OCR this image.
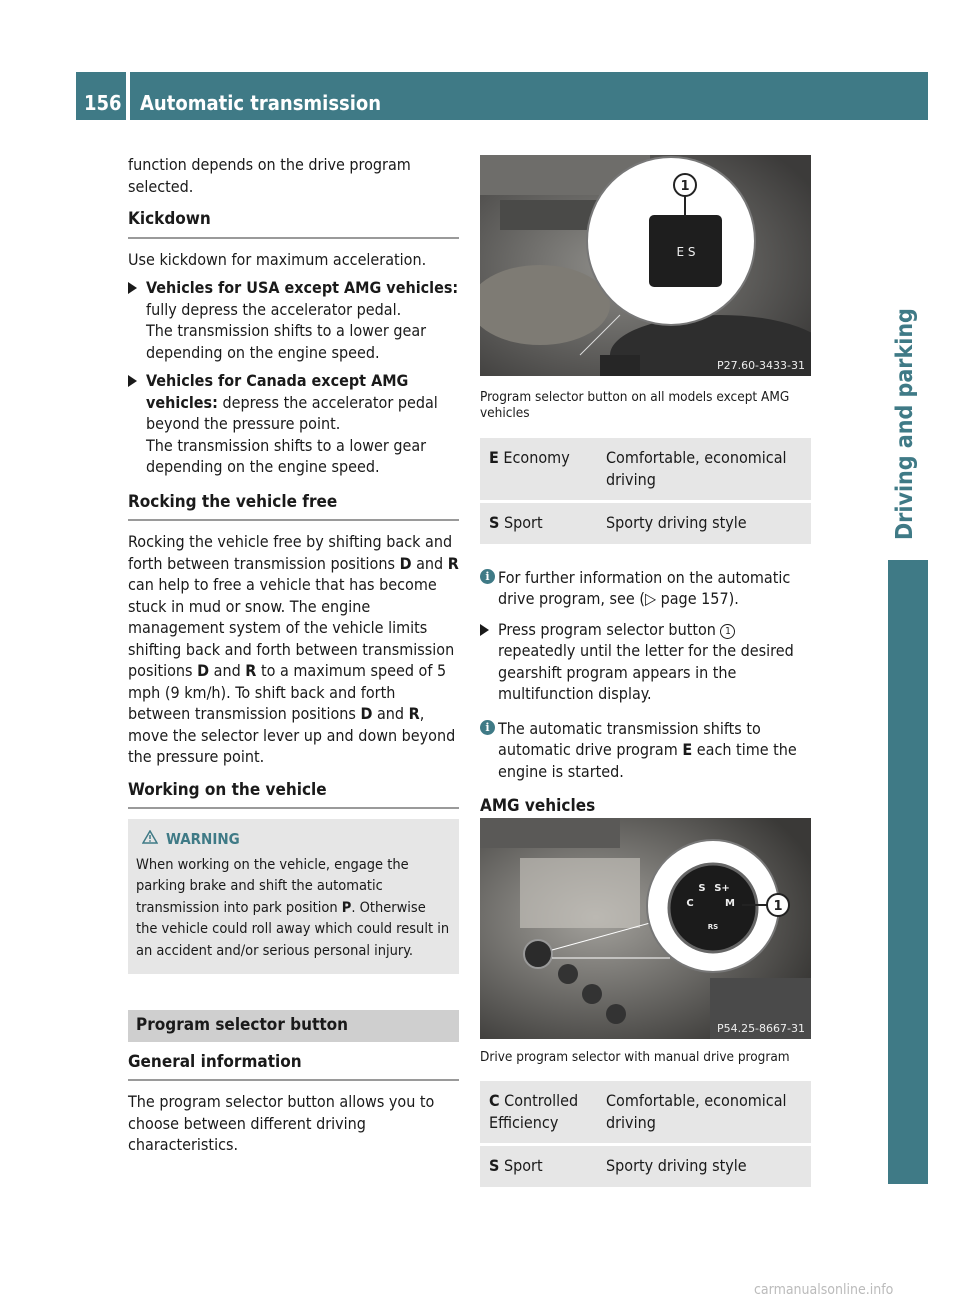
156 Automatic transmission
Driving and parking

function depends on the drive program selected.

Kickdown

Use kickdown for maximum acceleration.

Vehicles for USA except AMG vehicles: fully depress the accelerator pedal.
The transmission shifts to a lower gear depending on the engine speed.
Vehicles for Canada except AMG vehicles: depress the accelerator pedal beyond the pressure point.
The transmission shifts to a lower gear depending on the engine speed.
Rocking the vehicle free

Rocking the vehicle free by shifting back and forth between transmission positions D and R can help to free a vehicle that has become stuck in mud or snow. The engine management system of the vehicle limits shifting back and forth between transmission positions D and R to a maximum speed of 5 mph (9 km/h). To shift back and forth between transmission positions D and R, move the selector lever up and down beyond the pressure point.

Working on the vehicle
WARNING
When working on the vehicle, engage the parking brake and shift the automatic transmission into park position P. Otherwise the vehicle could roll away which could result in an accident and/or serious personal injury.
Program selector button
General information

The program selector button allows you to choose between different driving characteristics.

1
E S
P27.60-3433-31

Program selector button on all models except AMG vehicles

E Economy	Comfortable, economical driving
S Sport	Sporty driving style
i For further information on the automatic drive program, see (▷ page 157).
Press program selector button 1 repeatedly until the letter for the desired gearshift program appears in the multifunction display.
i The automatic transmission shifts to automatic drive program E each time the engine is started.
AMG vehicles
S S+
C	M
RS
1
P54.25-8667-31

Drive program selector with manual drive program

C Controlled Efficiency	Comfortable, economical driving
S Sport	Sporty driving style
carmanualsonline.info
